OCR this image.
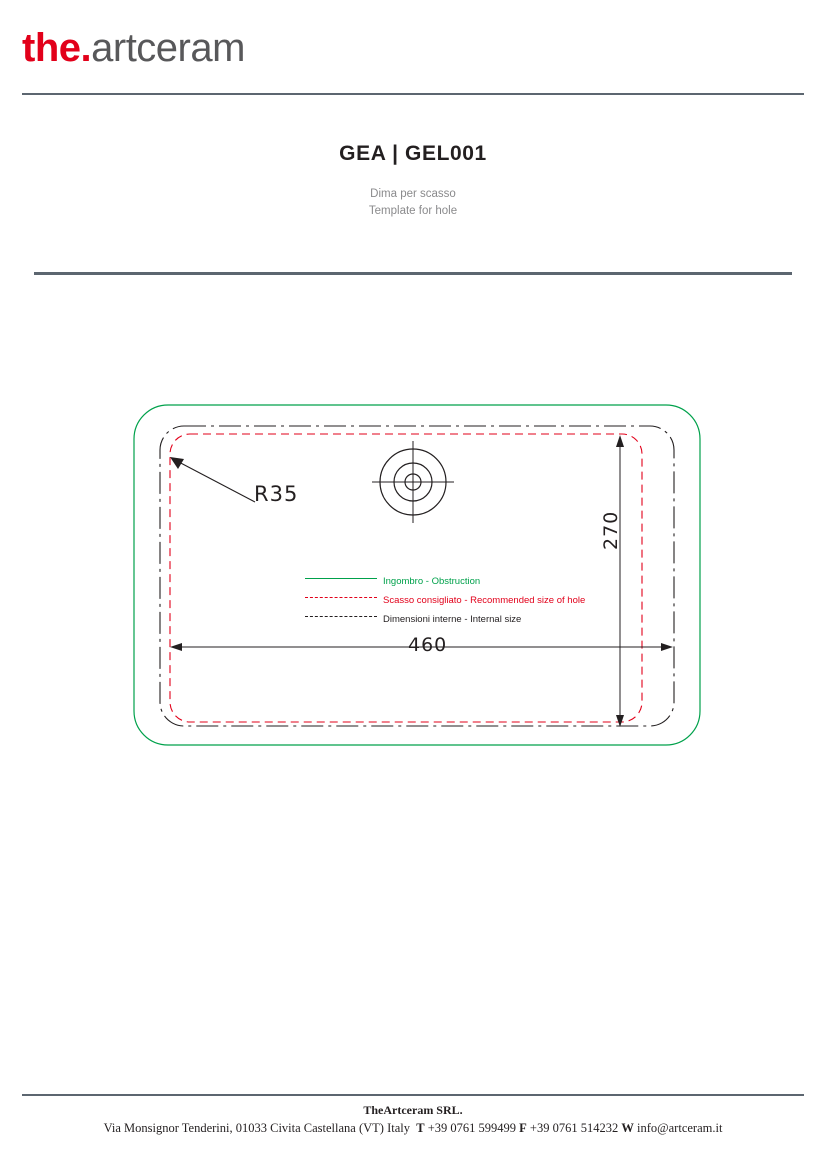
the.artceram
GEA | GEL001
Dima per scasso
Template for hole
R35
460
270
Ingombro - Obstruction
Scasso consigliato - Recommended size of hole
Dimensioni interne - Internal size
TheArtceram SRL.
Via Monsignor Tenderini, 01033 Civita Castellana (VT) Italy T +39 0761 599499 F +39 0761 514232 W info@artceram.it
